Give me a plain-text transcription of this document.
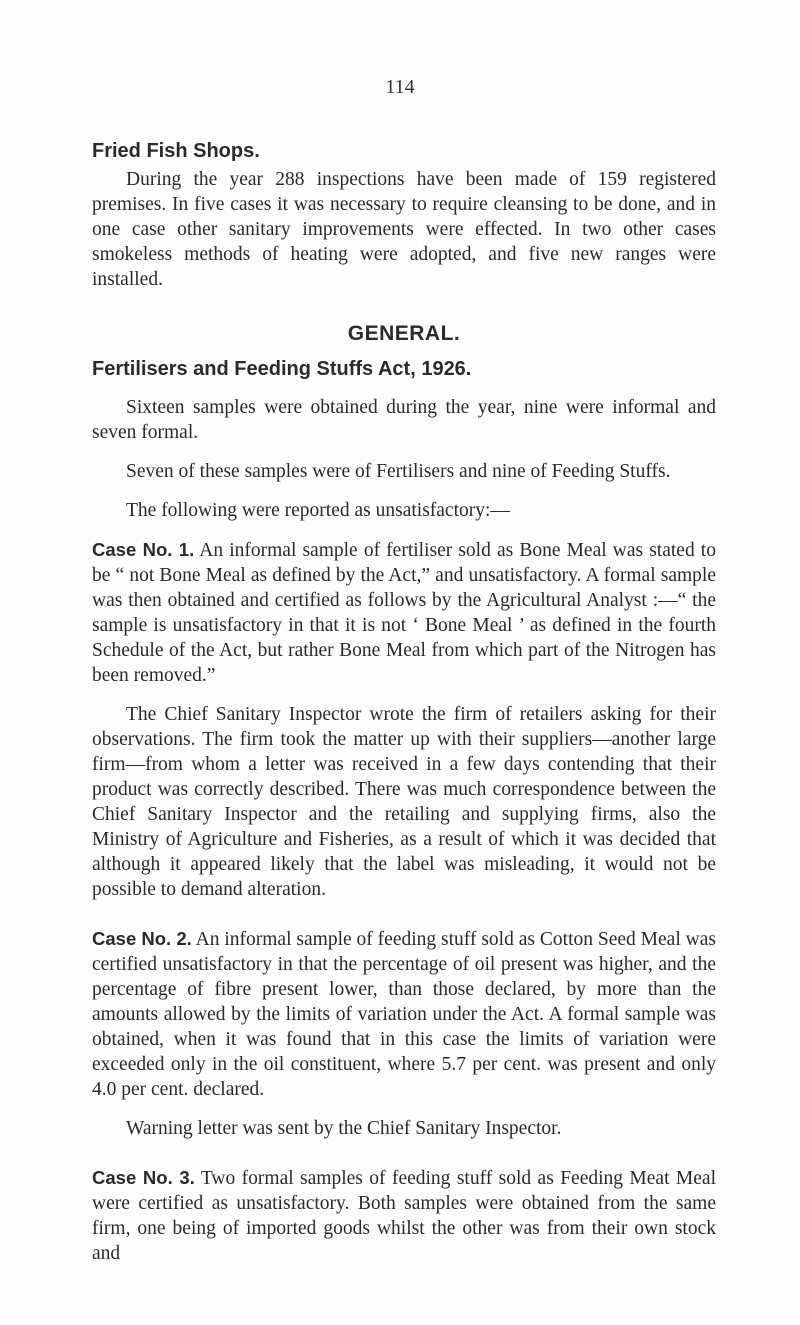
114
Fried Fish Shops.

During the year 288 inspections have been made of 159 registered premises. In five cases it was necessary to require cleansing to be done, and in one case other sanitary improvements were effected. In two other cases smokeless methods of heating were adopted, and five new ranges were installed.

GENERAL.
Fertilisers and Feeding Stuffs Act, 1926.

Sixteen samples were obtained during the year, nine were informal and seven formal.

Seven of these samples were of Fertilisers and nine of Feeding Stuffs.

The following were reported as unsatisfactory:—

Case No. 1. An informal sample of fertiliser sold as Bone Meal was stated to be “ not Bone Meal as defined by the Act,” and unsatisfactory. A formal sample was then obtained and certified as follows by the Agricultural Analyst :—“ the sample is unsatisfactory in that it is not ‘ Bone Meal ’ as defined in the fourth Schedule of the Act, but rather Bone Meal from which part of the Nitrogen has been removed.”

The Chief Sanitary Inspector wrote the firm of retailers asking for their observations. The firm took the matter up with their suppliers—another large firm—from whom a letter was received in a few days contending that their product was correctly described. There was much correspondence between the Chief Sanitary Inspector and the retailing and supplying firms, also the Ministry of Agriculture and Fisheries, as a result of which it was decided that although it appeared likely that the label was misleading, it would not be possible to demand alteration.

Case No. 2. An informal sample of feeding stuff sold as Cotton Seed Meal was certified unsatisfactory in that the percentage of oil present was higher, and the percentage of fibre present lower, than those declared, by more than the amounts allowed by the limits of variation under the Act. A formal sample was obtained, when it was found that in this case the limits of variation were exceeded only in the oil constituent, where 5.7 per cent. was present and only 4.0 per cent. declared.

Warning letter was sent by the Chief Sanitary Inspector.

Case No. 3. Two formal samples of feeding stuff sold as Feeding Meat Meal were certified as unsatisfactory. Both samples were obtained from the same firm, one being of imported goods whilst the other was from their own stock and
